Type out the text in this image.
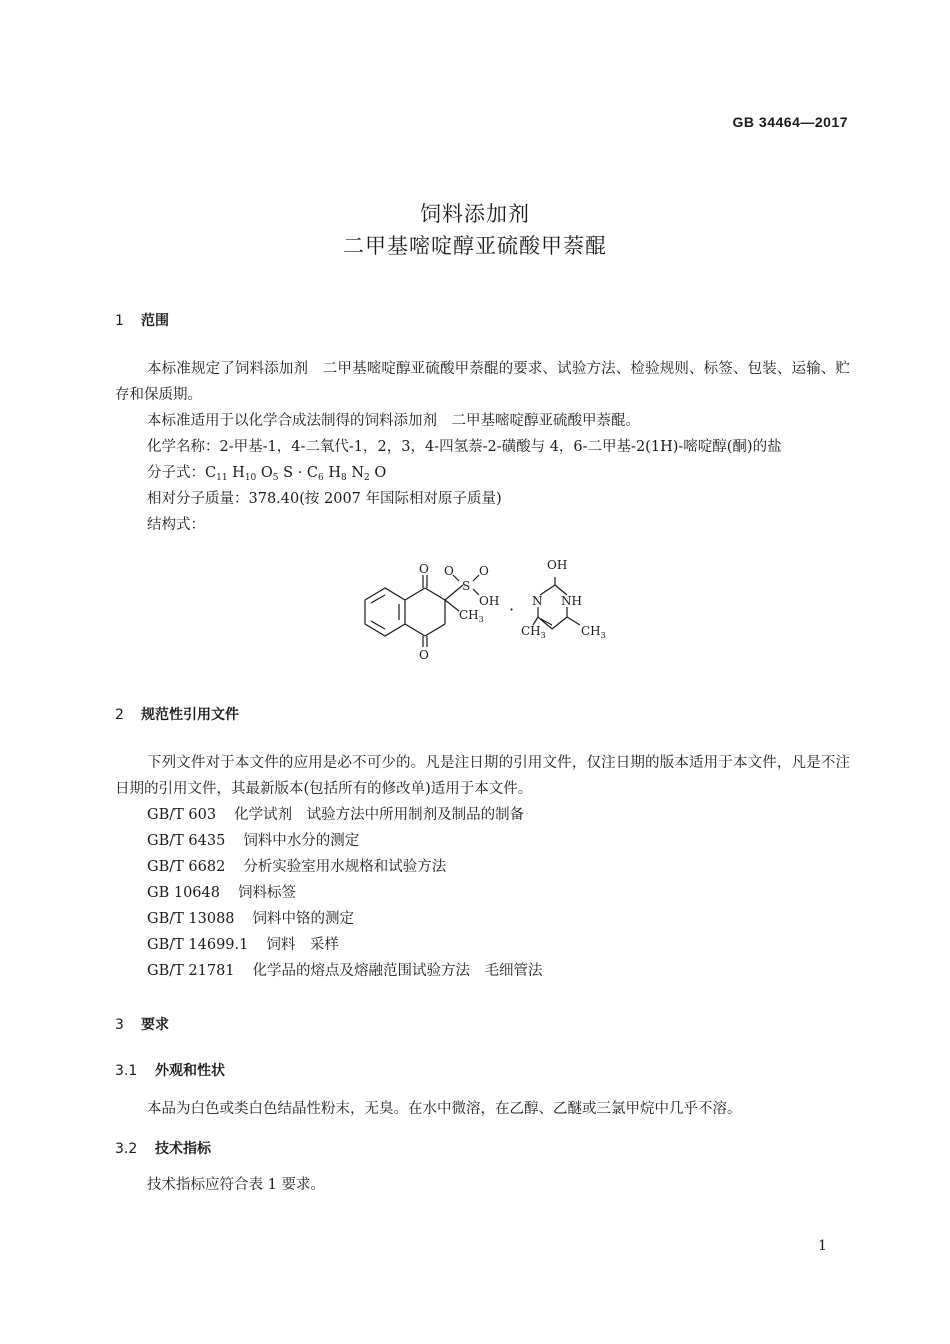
GB 34464—2017
饲料添加剂
二甲基嘧啶醇亚硫酸甲萘醌
1 范围
本标准规定了饲料添加剂　二甲基嘧啶醇亚硫酸甲萘醌的要求、试验方法、检验规则、标签、包装、运输、贮存和保质期。
本标准适用于以化学合成法制得的饲料添加剂　二甲基嘧啶醇亚硫酸甲萘醌。
化学名称：2-甲基-1，4-二氧代-1，2，3，4-四氢萘-2-磺酸与 4，6-二甲基-2(1H)-嘧啶醇(酮)的盐
分子式：$C_{11}$ $H_{10}$ $O_5$ $S \cdot C_6$ $H_8$ $N_2$ O
相对分子质量：378.40(按 2007 年国际相对原子质量)
结构式：
O
O
O O
S
OH
$CH_3$
·
OH
N NH
$CH_3$	$CH_3$
2 规范性引用文件
下列文件对于本文件的应用是必不可少的。凡是注日期的引用文件，仅注日期的版本适用于本文件，凡是不注日期的引用文件，其最新版本(包括所有的修改单)适用于本文件。
GB/T 603 化学试剂　试验方法中所用制剂及制品的制备
GB/T 6435 饲料中水分的测定
GB/T 6682 分析实验室用水规格和试验方法
GB 10648 饲料标签
GB/T 13088 饲料中铬的测定
GB/T 14699.1 饲料　采样
GB/T 21781 化学品的熔点及熔融范围试验方法　毛细管法
3 要求
3.1 外观和性状
本品为白色或类白色结晶性粉末，无臭。在水中微溶，在乙醇、乙醚或三氯甲烷中几乎不溶。
3.2 技术指标
技术指标应符合表 1 要求。
1
